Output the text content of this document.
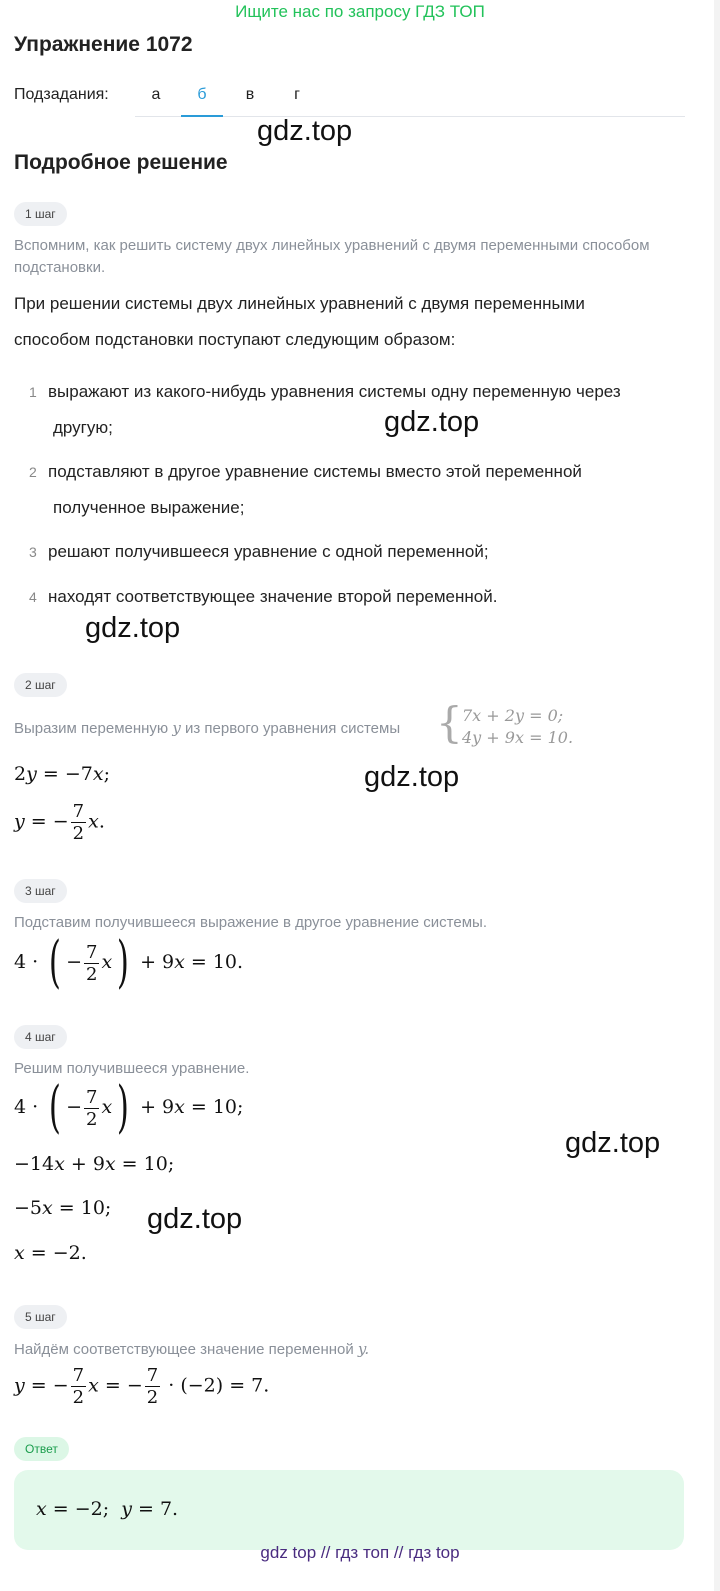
Ищите нас по запросу ГДЗ ТОП
Упражнение 1072
Подзадания:	а	б	в	г
gdz.top
Подробное решение
1 шаг
Вспомним, как решить систему двух линейных уравнений с двумя переменными способом подстановки.
При решении системы двух линейных уравнений с двумя переменными
способом подстановки поступают следующим образом:
1 выражают из какого-нибудь уравнения системы одну переменную через
другую;	gdz.top
2 подставляют в другое уравнение системы вместо этой переменной
полученное выражение;
3 решают получившееся уравнение с одной переменной;
4 находят соответствующее значение второй переменной.
gdz.top
2 шаг
Выразим переменную y из первого уравнения системы { 7x + 2y = 0;
4y + 9x = 10.
2y = −7x;	gdz.top
y = − $\frac{7}{2} x$.
3 шаг
Подставим получившееся выражение в другое уравнение системы.
4 · ( − $\frac{7}{2} x) + 9x = 10$.
4 шаг
Решим получившееся уравнение.
4 · ( − $\frac{7}{2} x) + 9x = 10$;
gdz.top
−14x + 9x = 10;
−5x = 10; gdz.top
x = −2.
5 шаг
Найдём соответствующее значение переменной y.
y = − $\frac{7}{2}$ x = − $\frac{7}{2} \cdot (-2) = 7$.
Ответ
x = −2;  y = 7.
gdz top // гдз топ // гдз top
